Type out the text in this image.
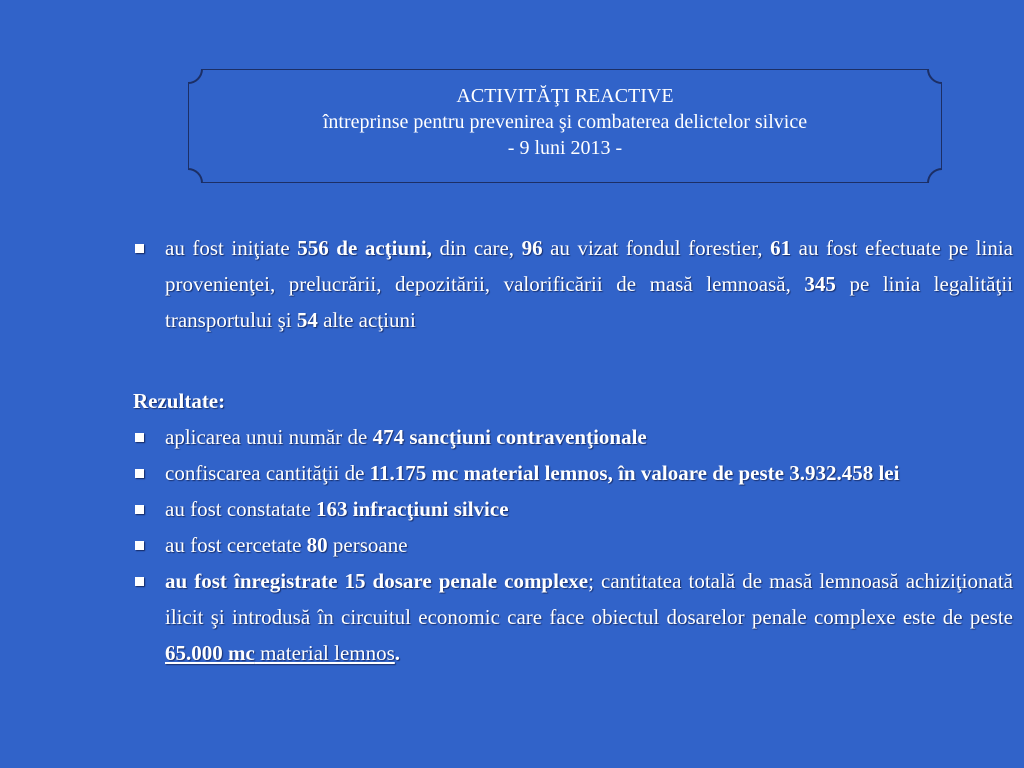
ACTIVITĂŢI REACTIVE
întreprinse pentru prevenirea şi combaterea delictelor silvice
- 9 luni 2013 -
au fost iniţiate 556 de acţiuni, din care, 96 au vizat fondul forestier, 61 au fost efectuate pe linia provenienţei, prelucrării, depozitării, valorificării de masă lemnoasă, 345 pe linia legalităţii transportului şi 54 alte acţiuni
Rezultate:
aplicarea unui număr de 474 sancţiuni contravenţionale
confiscarea cantităţii de 11.175 mc material lemnos, în valoare de peste 3.932.458 lei
au fost constatate 163 infracţiuni silvice
au fost cercetate 80 persoane
au fost înregistrate 15 dosare penale complexe; cantitatea totală de masă lemnoasă achiziţionată ilicit şi introdusă în circuitul economic care face obiectul dosarelor penale complexe este de peste 65.000 mc material lemnos.
